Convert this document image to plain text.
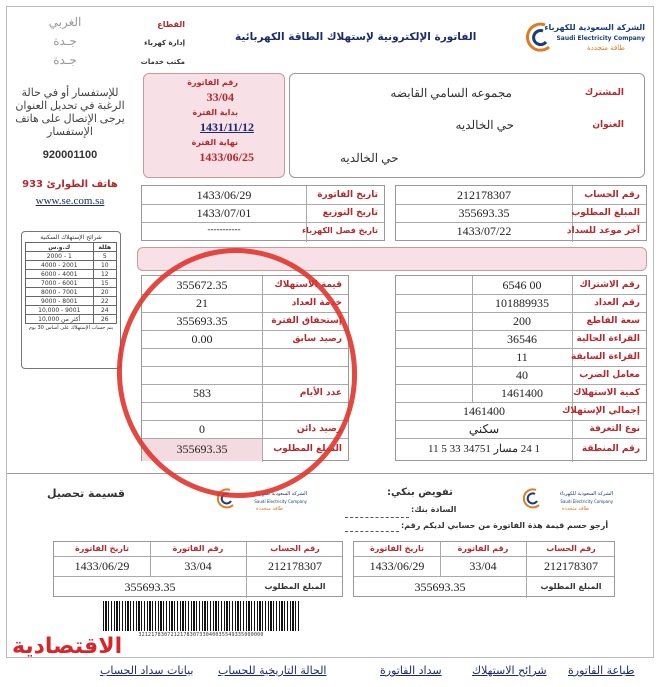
الشركة السعودية للكهرباء
Saudi Electricity Company
طاقة متجددة
الفاتورة الإلكترونية لإستهلاك الطاقة الكهربائية
القطاع
إدارة كهرباء
مكتب خدمات
الغربي
جـدة
جـدة
المشترك
مجموعه السامي القابضه
العنوان
حي الخالديه
حي الخالديه
رقم الفاتورة
33/04
بداية الفترة
1431/11/12
نهاية الفترة
1433/06/25
للإستفسار أو في حالة الرغبة في تحديل العنوان يرجى الإتصال على هاتف الإستفسار
920001100
هاتف الطوارئ 933
www.se.com.sa
شرائح الإستهلاك السكنية
ك.و.س	هللة
2000 - 1	5
4000 - 2001	10
6000 - 4001	12
7000 - 6001	15
8000 - 7001	20
9000 - 8001	22
10,000 - 9001	24
أكثر من 10,000	26
يتم حساب الإستهلاك على أساس 30 يوم
تاريخ الفاتورة
1433/06/29
تاريخ التوزيع
1433/07/01
تاريخ فصل الكهرباء
-----------
رقم الحساب
212178307
المبلغ المطلوب
355693.35
آخر موعد للسداد
1433/07/22
قيمة الاستهلاك
355672.35
خدمة العداد
21
إستحقاق الفترة
355693.35
رصيد سابق
0.00
عدد الأيام
583
رصيد دائن
0
المبلغ المطلوب
355693.35
رقم الاشتراك
6546 00
رقم العداد
101889935
سعة القاطع
200
القراءة الحالية
36546
القراءة السابقة
11
معامل الضرب
40
كمية الاستهلاك
1461400
إجمالي الإستهلاك
1461400
نوع التعرفة
سكني
رقم المنطقة
1 24 مسار 34751 33 5 11
قسيمة تحصيل	الشركة السعودية للكهرباء
Saudi Electricity Company
طاقة متجددة
الشركة السعودية للكهرباء
Saudi Electricity Company
طاقة متجددة
تفويض بنكي:
السادة بنك:
أرجو حسم قيمة هذة الفاتورة من حسابي لديكم رقم:
تاريخ الفاتورة	رقم الفاتورة	رقم الحساب
1433/06/29	33/04	212178307
355693.35	المبلغ المطلوب
تاريخ الفاتورة	رقم الفاتورة	رقم الحساب
1433/06/29	33/04	212178307
355693.35	المبلغ المطلوب
321217830721217830733040035549335000000
الاقتصادية
طباعة الفاتورة
شرائح الاستهلاك
سداد الفاتورة
الحالة التاريخية للحساب
بيانات سداد الحساب
